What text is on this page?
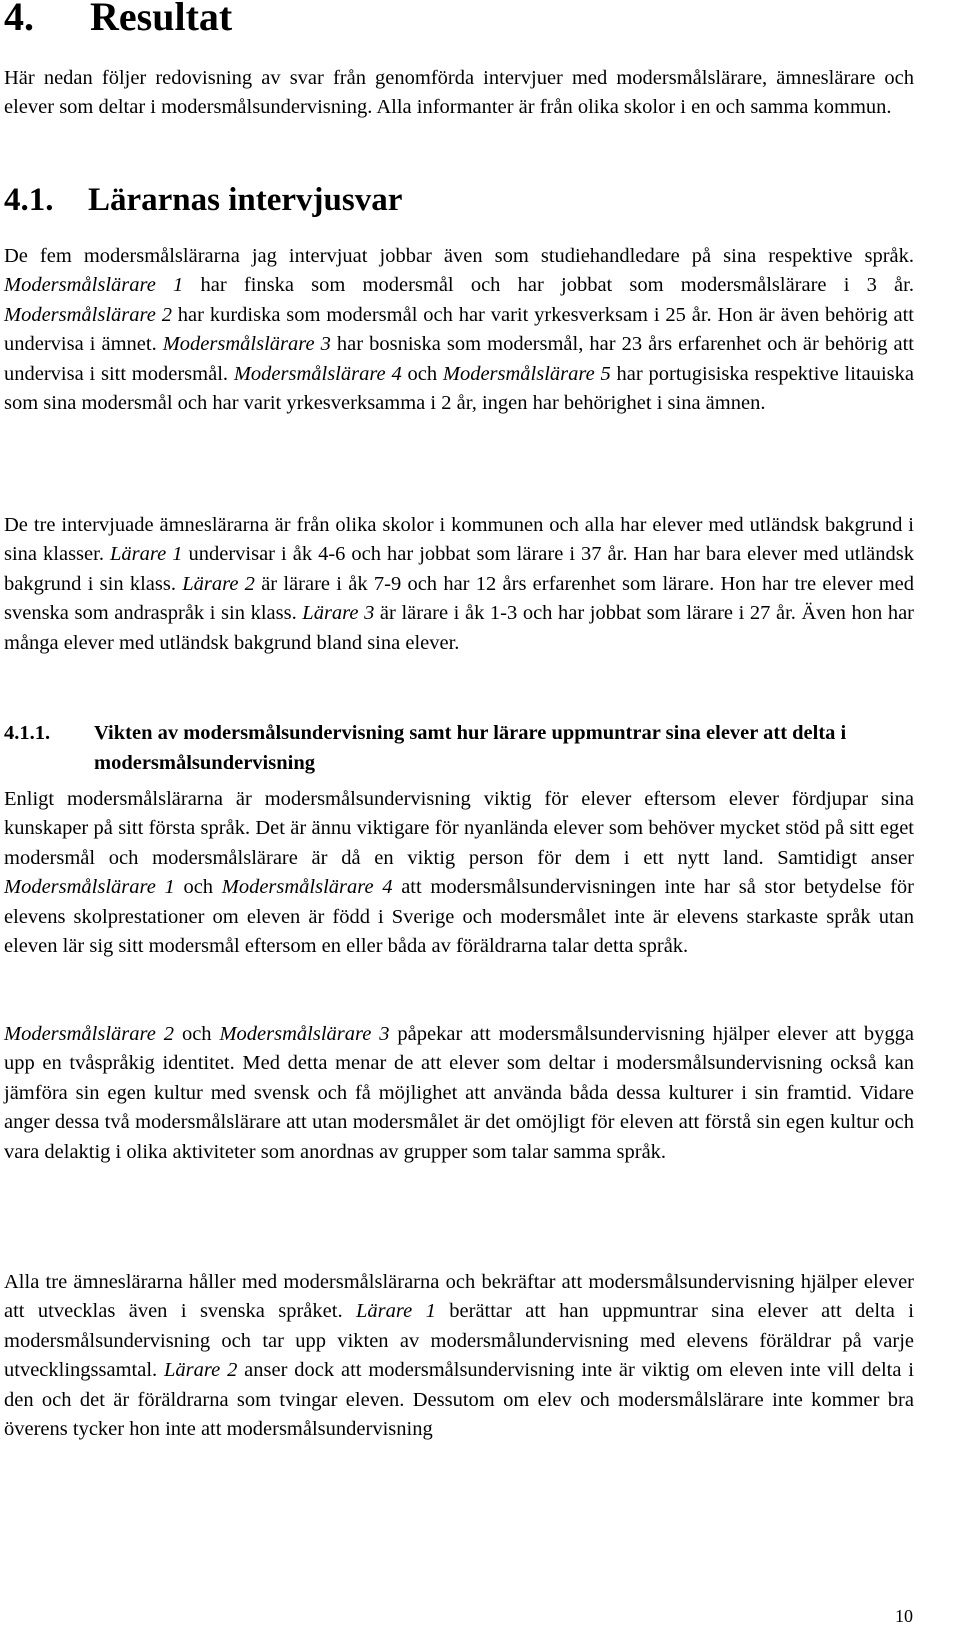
4. Resultat

Här nedan följer redovisning av svar från genomförda intervjuer med modersmålslärare, ämneslärare och elever som deltar i modersmålsundervisning. Alla informanter är från olika skolor i en och samma kommun.

4.1. Lärarnas intervjusvar

De fem modersmålslärarna jag intervjuat jobbar även som studiehandledare på sina respektive språk. Modersmålslärare 1 har finska som modersmål och har jobbat som modersmålslärare i 3 år. Modersmålslärare 2 har kurdiska som modersmål och har varit yrkesverksam i 25 år. Hon är även behörig att undervisa i ämnet. Modersmålslärare 3 har bosniska som modersmål, har 23 års erfarenhet och är behörig att undervisa i sitt modersmål. Modersmålslärare 4 och Modersmålslärare 5 har portugisiska respektive litauiska som sina modersmål och har varit yrkesverksamma i 2 år, ingen har behörighet i sina ämnen.

De tre intervjuade ämneslärarna är från olika skolor i kommunen och alla har elever med utländsk bakgrund i sina klasser. Lärare 1 undervisar i åk 4-6 och har jobbat som lärare i 37 år. Han har bara elever med utländsk bakgrund i sin klass. Lärare 2 är lärare i åk 7-9 och har 12 års erfarenhet som lärare. Hon har tre elever med svenska som andraspråk i sin klass. Lärare 3 är lärare i åk 1-3 och har jobbat som lärare i 27 år. Även hon har många elever med utländsk bakgrund bland sina elever.

4.1.1. Vikten av modersmålsundervisning samt hur lärare uppmuntrar sina elever att delta i modersmålsundervisning

Enligt modersmålslärarna är modersmålsundervisning viktig för elever eftersom elever fördjupar sina kunskaper på sitt första språk. Det är ännu viktigare för nyanlända elever som behöver mycket stöd på sitt eget modersmål och modersmålslärare är då en viktig person för dem i ett nytt land. Samtidigt anser Modersmålslärare 1 och Modersmålslärare 4 att modersmålsundervisningen inte har så stor betydelse för elevens skolprestationer om eleven är född i Sverige och modersmålet inte är elevens starkaste språk utan eleven lär sig sitt modersmål eftersom en eller båda av föräldrarna talar detta språk.

Modersmålslärare 2 och Modersmålslärare 3 påpekar att modersmålsundervisning hjälper elever att bygga upp en tvåspråkig identitet. Med detta menar de att elever som deltar i modersmålsundervisning också kan jämföra sin egen kultur med svensk och få möjlighet att använda båda dessa kulturer i sin framtid. Vidare anger dessa två modersmålslärare att utan modersmålet är det omöjligt för eleven att förstå sin egen kultur och vara delaktig i olika aktiviteter som anordnas av grupper som talar samma språk.

Alla tre ämneslärarna håller med modersmålslärarna och bekräftar att modersmålsundervisning hjälper elever att utvecklas även i svenska språket. Lärare 1 berättar att han uppmuntrar sina elever att delta i modersmålsundervisning och tar upp vikten av modersmålundervisning med elevens föräldrar på varje utvecklingssamtal. Lärare 2 anser dock att modersmålsundervisning inte är viktig om eleven inte vill delta i den och det är föräldrarna som tvingar eleven. Dessutom om elev och modersmålslärare inte kommer bra överens tycker hon inte att modersmålsundervisning

10
